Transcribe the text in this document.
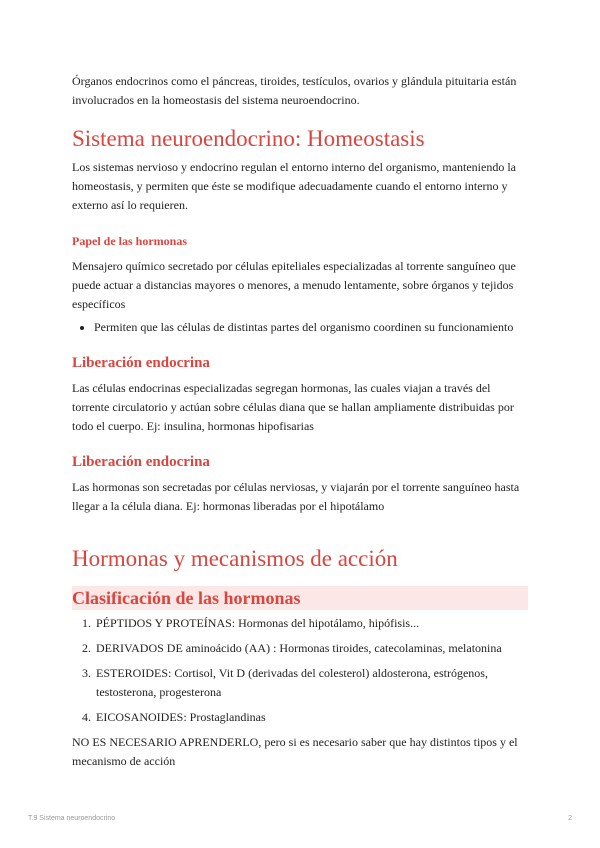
Órganos endocrinos como el páncreas, tiroides, testículos, ovarios y glándula pituitaria están involucrados en la homeostasis del sistema neuroendocrino.

Sistema neuroendocrino: Homeostasis

Los sistemas nervioso y endocrino regulan el entorno interno del organismo, manteniendo la homeostasis, y permiten que éste se modifique adecuadamente cuando el entorno interno y externo así lo requieren.

Papel de las hormonas

Mensajero químico secretado por células epiteliales especializadas al torrente sanguíneo que puede actuar a distancias mayores o menores, a menudo lentamente, sobre órganos y tejidos específicos

• Permiten que las células de distintas partes del organismo coordinen su funcionamiento
Liberación endocrina

Las células endocrinas especializadas segregan hormonas, las cuales viajan a través del torrente circulatorio y actúan sobre células diana que se hallan ampliamente distribuidas por todo el cuerpo. Ej: insulina, hormonas hipofisarias

Liberación endocrina

Las hormonas son secretadas por células nerviosas, y viajarán por el torrente sanguíneo hasta llegar a la célula diana. Ej: hormonas liberadas por el hipotálamo

Hormonas y mecanismos de acción
Clasificación de las hormonas
1. PÉPTIDOS Y PROTEÍNAS: Hormonas del hipotálamo, hipófisis...
2. DERIVADOS DE aminoácido (AA) : Hormonas tiroides, catecolaminas, melatonina
3. ESTEROIDES: Cortisol, Vit D (derivadas del colesterol) aldosterona, estrógenos, testosterona, progesterona
4. EICOSANOIDES: Prostaglandinas

NO ES NECESARIO APRENDERLO, pero si es necesario saber que hay distintos tipos y el mecanismo de acción

T.9 Sistema neuroendocrino	2
